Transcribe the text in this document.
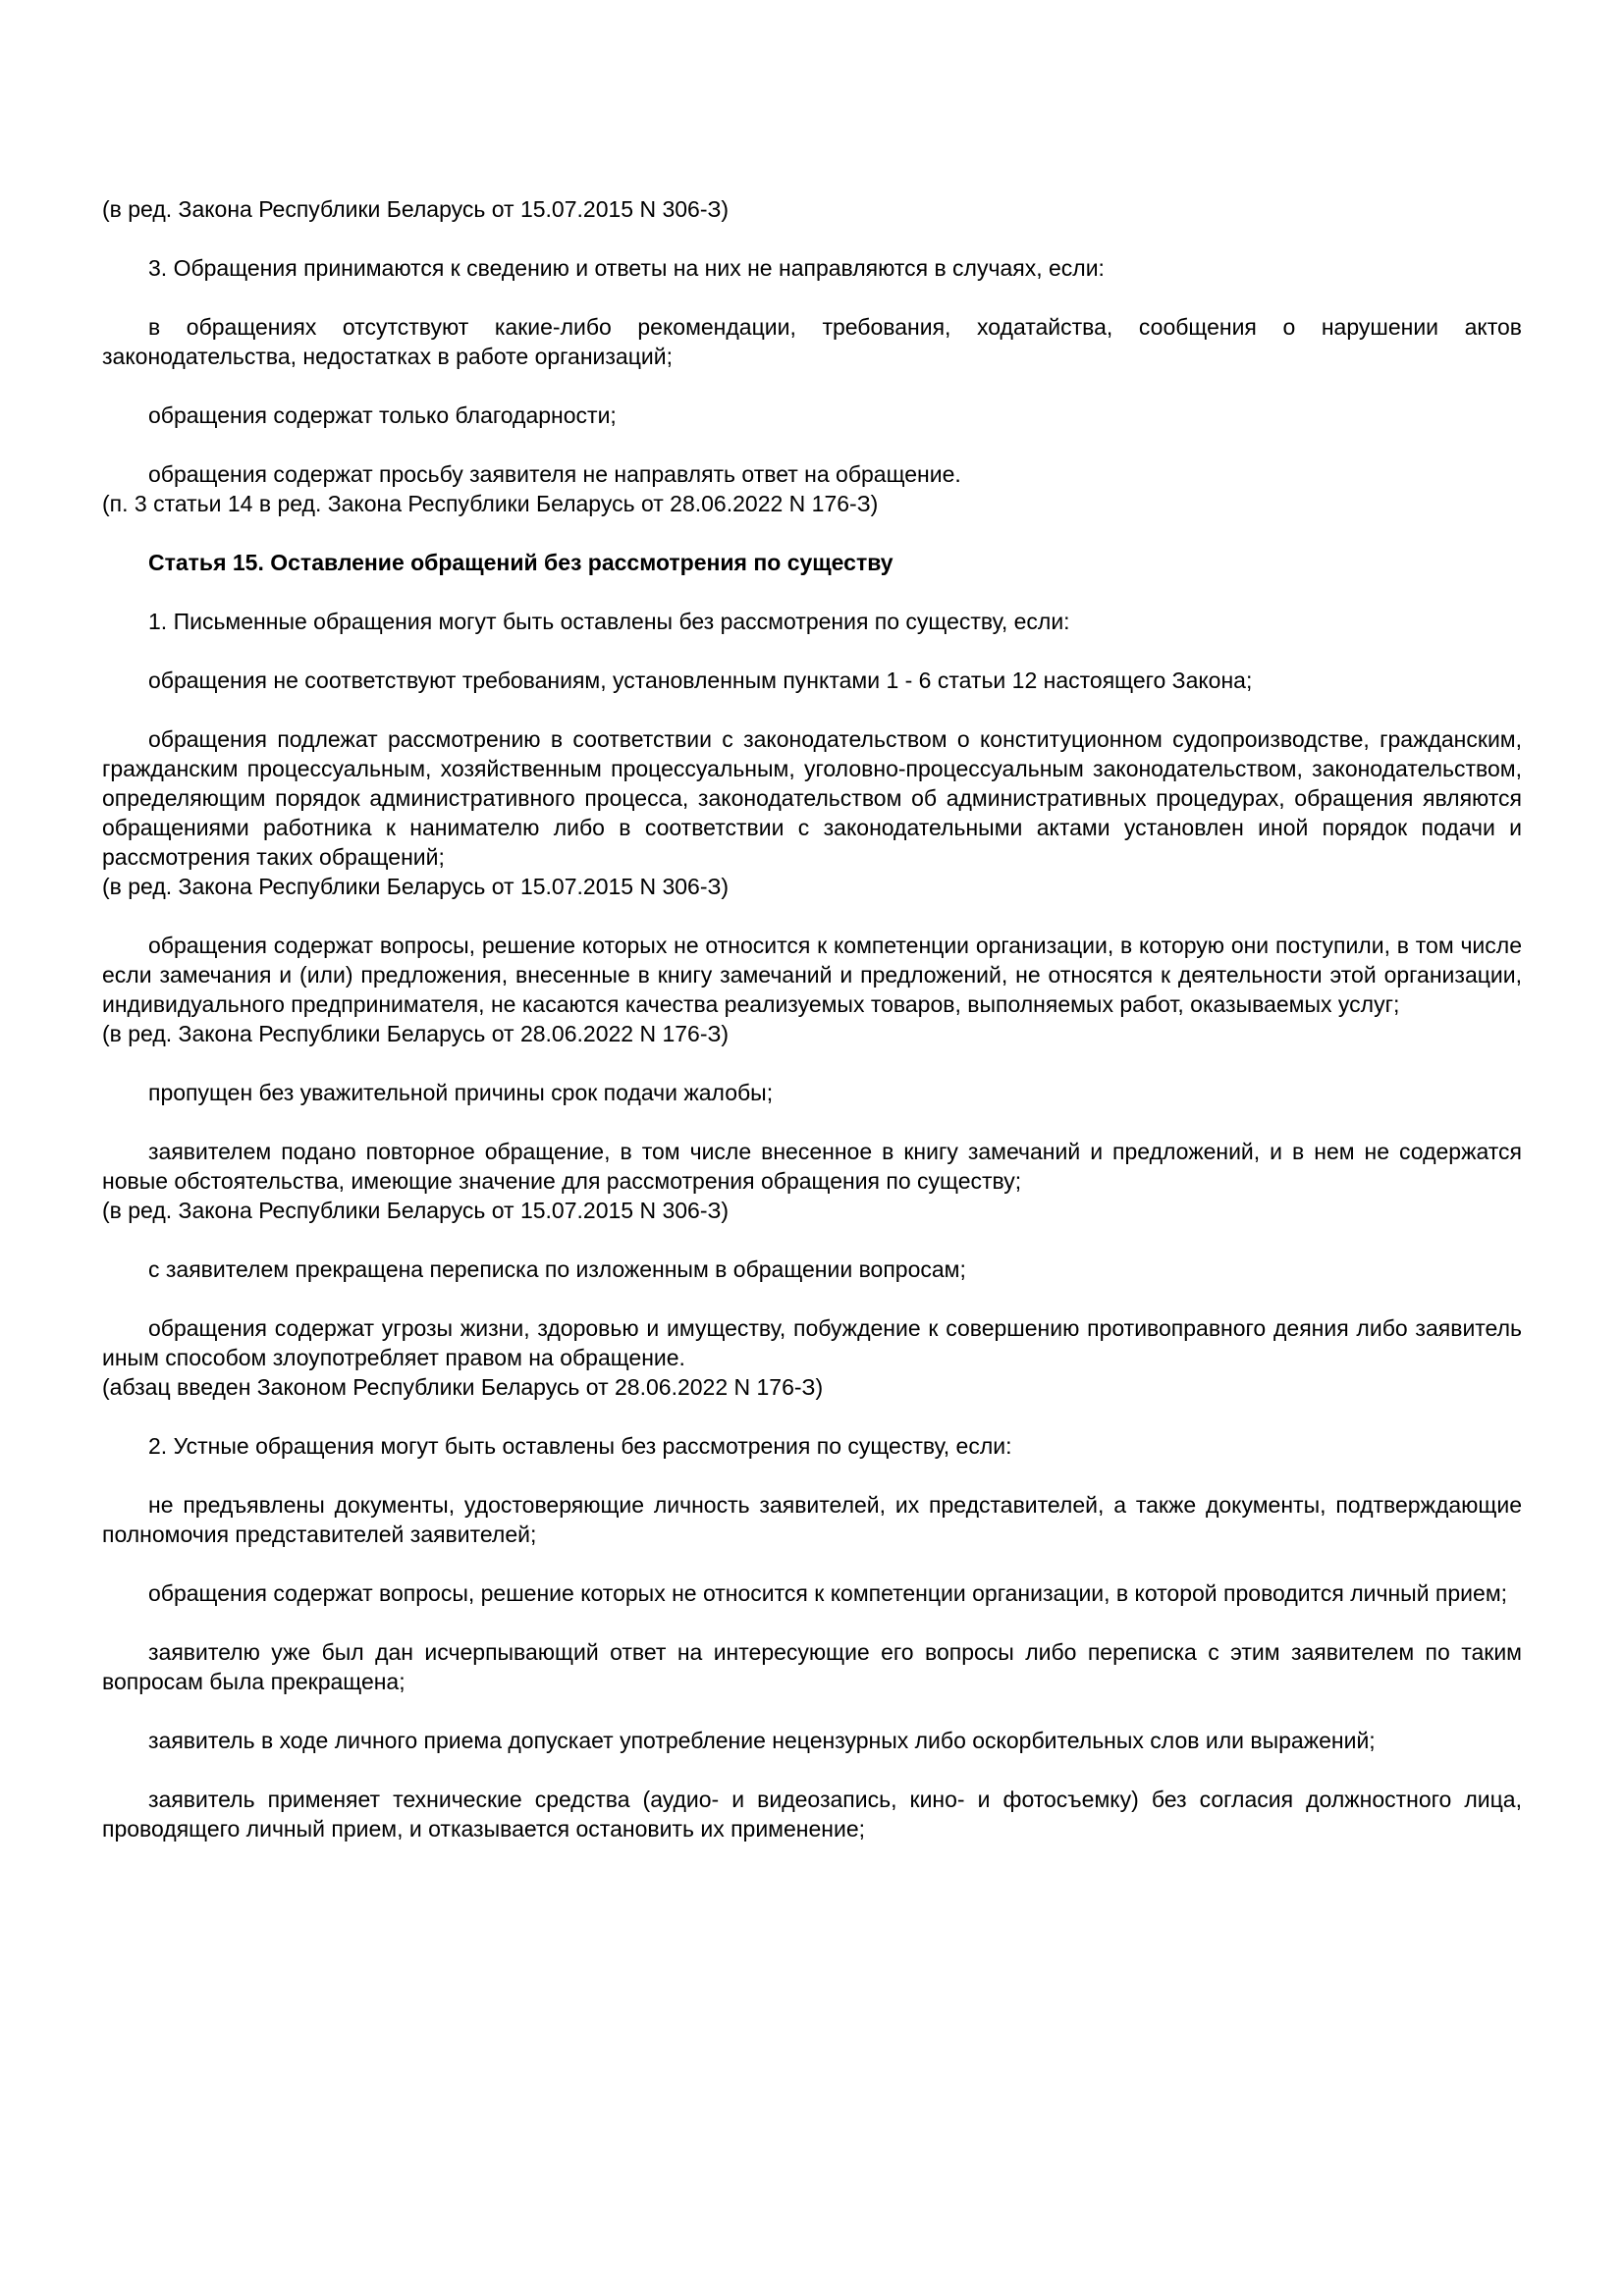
(в ред. Закона Республики Беларусь от 15.07.2015 N 306-З)

3. Обращения принимаются к сведению и ответы на них не направляются в случаях, если:

в обращениях отсутствуют какие-либо рекомендации, требования, ходатайства, сообщения о нарушении актов законодательства, недостатках в работе организаций;

обращения содержат только благодарности;

обращения содержат просьбу заявителя не направлять ответ на обращение.

(п. 3 статьи 14 в ред. Закона Республики Беларусь от 28.06.2022 N 176-З)

Статья 15. Оставление обращений без рассмотрения по существу

1. Письменные обращения могут быть оставлены без рассмотрения по существу, если:

обращения не соответствуют требованиям, установленным пунктами 1 - 6 статьи 12 настоящего Закона;

обращения подлежат рассмотрению в соответствии с законодательством о конституционном судопроизводстве, гражданским, гражданским процессуальным, хозяйственным процессуальным, уголовно-процессуальным законодательством, законодательством, определяющим порядок административного процесса, законодательством об административных процедурах, обращения являются обращениями работника к нанимателю либо в соответствии с законодательными актами установлен иной порядок подачи и рассмотрения таких обращений;

(в ред. Закона Республики Беларусь от 15.07.2015 N 306-З)

обращения содержат вопросы, решение которых не относится к компетенции организации, в которую они поступили, в том числе если замечания и (или) предложения, внесенные в книгу замечаний и предложений, не относятся к деятельности этой организации, индивидуального предпринимателя, не касаются качества реализуемых товаров, выполняемых работ, оказываемых услуг;

(в ред. Закона Республики Беларусь от 28.06.2022 N 176-З)

пропущен без уважительной причины срок подачи жалобы;

заявителем подано повторное обращение, в том числе внесенное в книгу замечаний и предложений, и в нем не содержатся новые обстоятельства, имеющие значение для рассмотрения обращения по существу;

(в ред. Закона Республики Беларусь от 15.07.2015 N 306-З)

с заявителем прекращена переписка по изложенным в обращении вопросам;

обращения содержат угрозы жизни, здоровью и имуществу, побуждение к совершению противоправного деяния либо заявитель иным способом злоупотребляет правом на обращение.

(абзац введен Законом Республики Беларусь от 28.06.2022 N 176-З)

2. Устные обращения могут быть оставлены без рассмотрения по существу, если:

не предъявлены документы, удостоверяющие личность заявителей, их представителей, а также документы, подтверждающие полномочия представителей заявителей;

обращения содержат вопросы, решение которых не относится к компетенции организации, в которой проводится личный прием;

заявителю уже был дан исчерпывающий ответ на интересующие его вопросы либо переписка с этим заявителем по таким вопросам была прекращена;

заявитель в ходе личного приема допускает употребление нецензурных либо оскорбительных слов или выражений;

заявитель применяет технические средства (аудио- и видеозапись, кино- и фотосъемку) без согласия должностного лица, проводящего личный прием, и отказывается остановить их применение;
